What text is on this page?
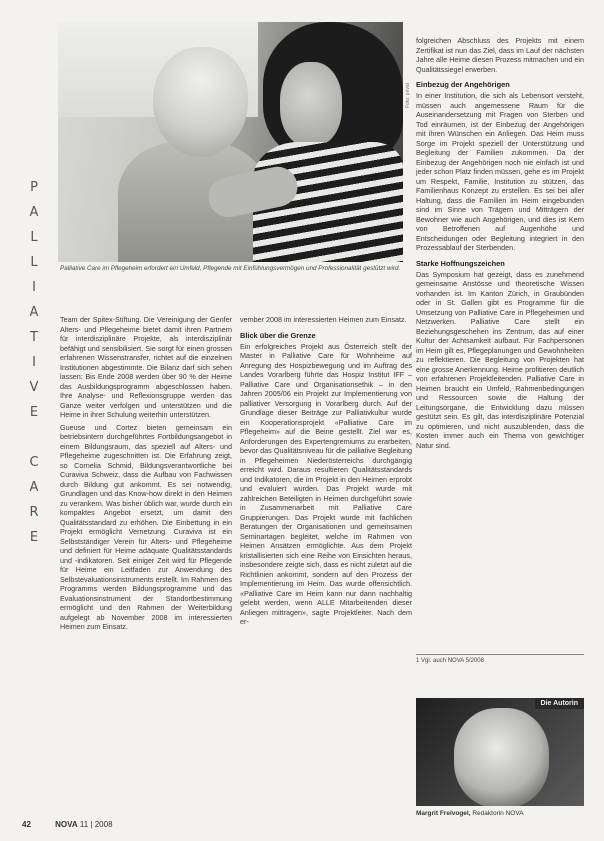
Foto: privat
Palliative Care im Pflegeheim erfordert ein Umfeld, Pflegende mit Einfühlungsvermögen und Professionalität gestützt wird.
P
A
L
L
I
A
T
I
V
E
C
A
R
E

Team der Spitex-Stiftung. Die Vereinigung der Genfer Alters- und Pflegeheime bietet damit ihren Partnern für interdisziplinäre Projekte, als interdisziplinär befähigt und sensibilisiert. Sie sorgt für einen grossen erfahrenen Wissenstransfer, richtet auf die einzelnen Institutionen abgestimmte. Die Bilanz darf sich sehen lassen: Bis Ende 2008 werden über 90 % der Heime das Ausbildungsprogramm abgeschlossen haben. Ihre Analyse- und Reflexionsgruppe werden das Ganze weiter verfolgen und unterstützen und die Heime in ihrer Schulung weiterhin unterstützen.

Gueuse und Cortez bieten gemeinsam ein betriebsintern durchgeführtes Fortbildungsangebot in einem Bildungsraum, das speziell auf Alters- und Pflegeheime zugeschnitten ist. Die Erfahrung zeigt, so Cornelia Schmid, Bildungsverantwortliche bei Curaviva Schweiz, dass die Aufbau von Fachwissen durch Bildung gut ankommt. Es sei notwendig, Grundlagen und das Know-how direkt in den Heimen zu verankern. Was bisher üblich war, wurde durch ein kompaktes Angebot ersetzt, um damit den Qualitätsstandard zu erhöhen. Die Einbettung in ein Projekt ermöglicht Vernetzung. Curaviva ist ein Selbstständiger Verein für Alters- und Pflegeheime und definiert für Heime adäquate Qualitätsstandards und -indikatoren. Seit einiger Zeit wird für Pflegende für Heime ein Leitfaden zur Anwendung des Selbstevaluationsinstruments erstellt. Im Rahmen des Programms werden Bildungsprogramme und das Evaluationsinstrument der Standortbestimmung ermöglicht und den Rahmen der Weiterbildung aufgelegt ab November 2008 im interessierten Heimen zum Einsatz.

vember 2008 im interessierten Heimen zum Einsatz.

Blick über die Grenze

Ein erfolgreiches Projekt aus Österreich stellt der Master in Palliative Care für Wohnheime auf Anregung des Hospizbewegung und im Auftrag des Landes Vorarlberg führte das Hospiz Institut IFF – Palliative Care und Organisationsethik – in den Jahren 2005/06 ein Projekt zur Implementierung von palliativer Versorgung in Vorarlberg durch. Auf der Grundlage dieser Beiträge zur Palliativkultur wurde ein Kooperationsprojekt «Palliative Care im Pflegeheim» auf die Beine gestellt. Ziel war es, Anforderungen des Expertengremiums zu erarbeiten, bevor das Qualitätsniveau für die palliative Begleitung in Pflegeheimen Niederösterreichs durchgängig erreicht wird. Daraus resultieren Qualitätsstandards und Indikatoren, die im Projekt in den Heimen erprobt und evaluiert wurden. Das Projekt wurde mit zahlreichen Beteiligten in Heimen durchgeführt sowie in Zusammenarbeit mit Palliative Care Gruppierungen. Das Projekt wurde mit fachlichen Beratungen der Organisationen und gemeinsamen Seminartagen begleitet, welche im Rahmen von Heimen Ansätzen ermöglichte. Aus dem Projekt kristallisierten sich eine Reihe von Einsichten heraus, insbesondere zeigte sich, dass es nicht zuletzt auf die Richtlinien ankommt, sondern auf den Prozess der Implementierung im Heim. Das wurde offensichtlich. «Palliative Care im Heim kann nur dann nachhaltig gelebt werden, wenn ALLE Mitarbeitenden dieser Anliegen mittragen», sagte Projektleiter. Nach dem er-

folgreichen Abschluss des Projekts mit einem Zertifikat ist nun das Ziel, dass im Lauf der nächsten Jahre alle Heime diesen Prozess mitmachen und ein Qualitätssiegel erwerben.

Einbezug der Angehörigen

In einer Institution, die sich als Lebensort versteht, müssen auch angemessene Raum für die Auseinandersetzung mit Fragen von Sterben und Tod einräumen, ist der Einbezug der Angehörigen mit ihren Wünschen ein Anliegen. Das Heim muss Sorge im Projekt speziell der Unterstützung und Begleitung der Familien zukommen. Da der Einbezug der Angehörigen noch nie einfach ist und jeder schon Platz finden müssen, gehe es im Projekt um Respekt, Familie, Institution zu stützen, das Familienhaus Konzept zu erstellen. Es sei bei aller Haltung, dass die Familien im Heim eingebunden sind im Sinne von Trägern und Mitträgern der Bewohner wie auch Angehörigen, und dies ist Kern von Betroffenen auf Augenhöhe und Entscheidungen oder Begleitung integriert in den Prozessablauf der Sterbenden.

Starke Hoffnungszeichen

Das Symposium hat gezeigt, dass es zunehmend gemeinsame Anstösse und theoretische Wissen vorhanden ist. Im Kanton Zürich, in Graubünden oder in St. Gallen gibt es Programme für die Umsetzung von Palliative Care in Pflegeheimen und Netzwerken. Palliative Care stellt ein Beziehungsgeschehen ins Zentrum, das auf einer Kultur der Achtsamkeit aufbaut. Für Fachpersonen im Heim gilt es, Pflegeplanungen und Gewohnheiten zu reflektieren. Die Begleitung von Projekten hat eine grosse Anerkennung. Heime profitieren deutlich von erfahrenen Projektleitenden. Palliative Care in Heimen braucht ein Umfeld, Rahmenbedingungen und Ressourcen sowie die Haltung der Leitungsorgane, die Entwicklung dazu müssen gestützt sein. Es gilt, das interdisziplinäre Potenzial zu optimieren, und nicht auszublenden, dass die Kosten immer auch ein Thema von gewichtiger Natur sind.

1 Vgl. auch NOVA 5/2008
Die Autorin
Margrit Freivogel, Redaktorin NOVA
42	NOVA 11 | 2008
